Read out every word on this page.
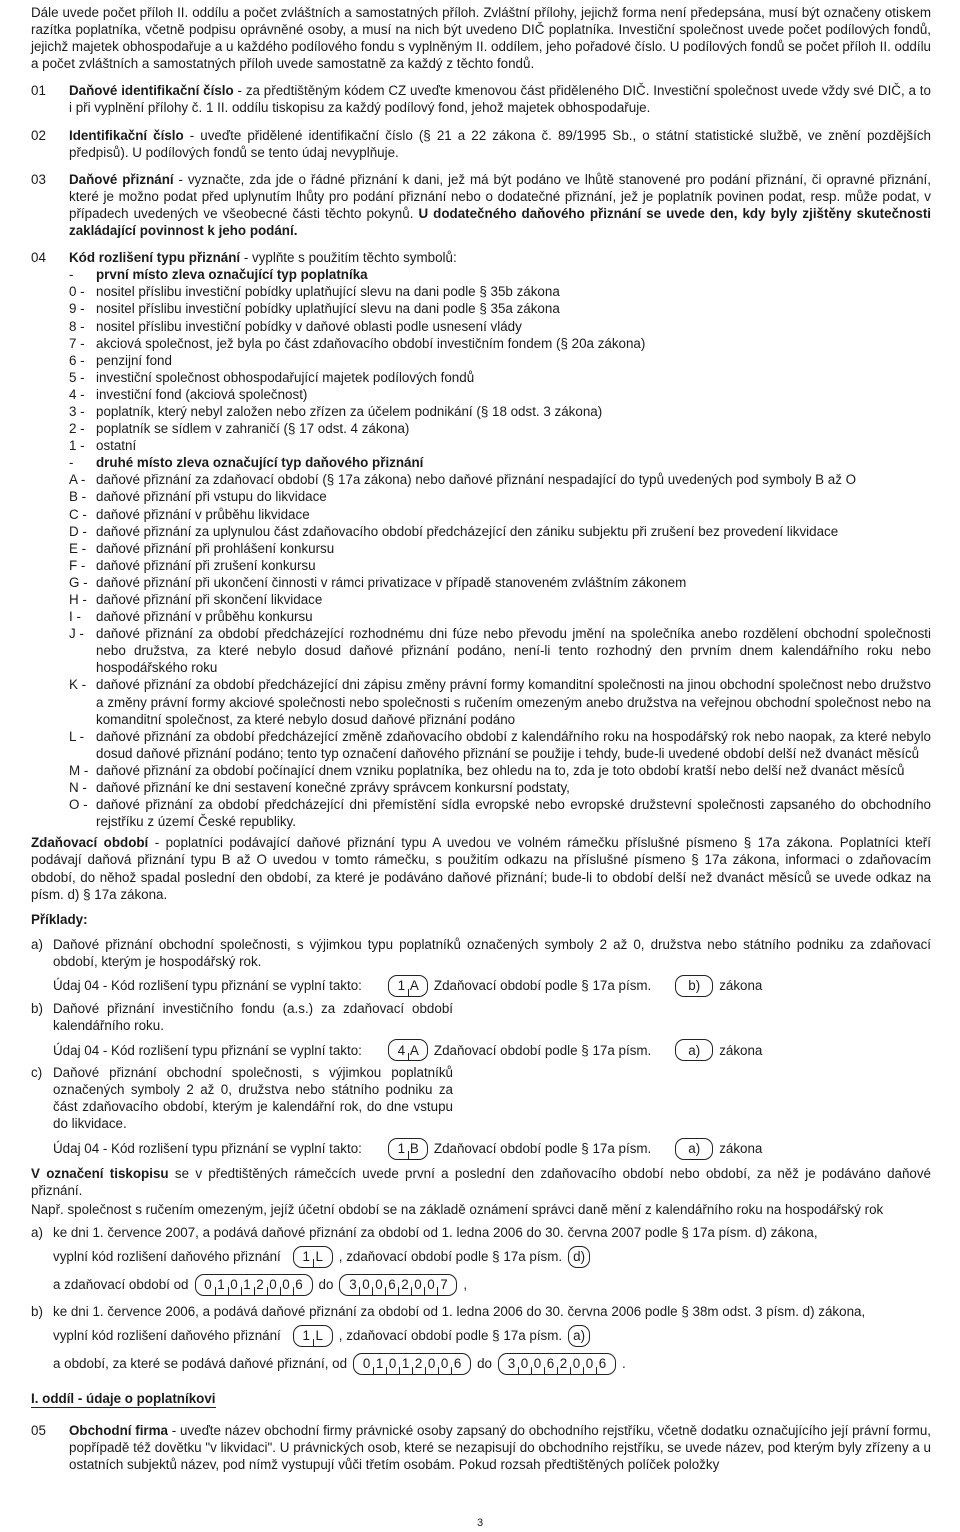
Dále uvede počet příloh II. oddílu a počet zvláštních a samostatných příloh. Zvláštní přílohy, jejichž forma není předepsána, musí být označeny otiskem razítka poplatníka, včetně podpisu oprávněné osoby, a musí na nich být uvedeno DIČ poplatníka. Investiční společnost uvede počet podílových fondů, jejichž majetek obhospodařuje a u každého podílového fondu s vyplněným II. oddílem, jeho pořadové číslo. U podílových fondů se počet příloh II. oddílu a počet zvláštních a samostatných příloh uvede samostatně za každý z těchto fondů.

01 Daňové identifikační číslo - za předtištěným kódem CZ uveďte kmenovou část přiděleného DIČ. Investiční společnost uvede vždy své DIČ, a to i při vyplnění přílohy č. 1 II. oddílu tiskopisu za každý podílový fond, jehož majetek obhospodařuje.

02 Identifikační číslo - uveďte přidělené identifikační číslo (§ 21 a 22 zákona č. 89/1995 Sb., o státní statistické službě, ve znění pozdějších předpisů). U podílových fondů se tento údaj nevyplňuje.

03 Daňové přiznání - vyznačte, zda jde o řádné přiznání k dani, jež má být podáno ve lhůtě stanovené pro podání přiznání, či opravné přiznání, které je možno podat před uplynutím lhůty pro podání přiznání nebo o dodatečné přiznání, jež je poplatník povinen podat, resp. může podat, v případech uvedených ve všeobecné části těchto pokynů. U dodatečného daňového přiznání se uvede den, kdy byly zjištěny skutečnosti zakládající povinnost k jeho podání.

04 Kód rozlišení typu přiznání - vyplňte s použitím těchto symbolů:

-	první místo zleva označující typ poplatníka
0 - nositel příslibu investiční pobídky uplatňující slevu na dani podle § 35b zákona
9 - nositel příslibu investiční pobídky uplatňující slevu na dani podle § 35a zákona
8 - nositel příslibu investiční pobídky v daňové oblasti podle usnesení vlády
7 - akciová společnost, jež byla po část zdaňovacího období investičním fondem (§ 20a zákona)
6 - penzijní fond
5 - investiční společnost obhospodařující majetek podílových fondů
4 - investiční fond (akciová společnost)
3 - poplatník, který nebyl založen nebo zřízen za účelem podnikání (§ 18 odst. 3 zákona)
2 - poplatník se sídlem v zahraničí (§ 17 odst. 4 zákona)
1 - ostatní
-	druhé místo zleva označující typ daňového přiznání
A - daňové přiznání za zdaňovací období (§ 17a zákona) nebo daňové přiznání nespadající do typů uvedených pod symboly B až O
B - daňové přiznání při vstupu do likvidace
C - daňové přiznání v průběhu likvidace
D - daňové přiznání za uplynulou část zdaňovacího období předcházející den zániku subjektu při zrušení bez provedení likvidace
E - daňové přiznání při prohlášení konkursu
F - daňové přiznání při zrušení konkursu
G - daňové přiznání při ukončení činnosti v rámci privatizace v případě stanoveném zvláštním zákonem
H - daňové přiznání při skončení likvidace
I -	daňové přiznání v průběhu konkursu
J - daňové přiznání za období předcházející rozhodnému dni fúze nebo převodu jmění na společníka anebo rozdělení obchodní společnosti nebo družstva, za které nebylo dosud daňové přiznání podáno, není-li tento rozhodný den prvním dnem kalendářního roku nebo hospodářského roku
K - daňové přiznání za období předcházející dni zápisu změny právní formy komanditní společnosti na jinou obchodní společnost nebo družstvo a změny právní formy akciové společnosti nebo společnosti s ručením omezeným anebo družstva na veřejnou obchodní společnost nebo na komanditní společnost, za které nebylo dosud daňové přiznání podáno
L - daňové přiznání za období předcházející změně zdaňovacího období z kalendářního roku na hospodářský rok nebo naopak, za které nebylo dosud daňové přiznání podáno; tento typ označení daňového přiznání se použije i tehdy, bude-li uvedené období delší než dvanáct měsíců
M - daňové přiznání za období počínající dnem vzniku poplatníka, bez ohledu na to, zda je toto období kratší nebo delší než dvanáct měsíců
N - daňové přiznání ke dni sestavení konečné zprávy správcem konkursní podstaty,
O - daňové přiznání za období předcházející dni přemístění sídla evropské nebo evropské družstevní společnosti zapsaného do obchodního rejstříku z území České republiky.

Zdaňovací období - poplatníci podávající daňové přiznání typu A uvedou ve volném rámečku příslušné písmeno § 17a zákona. Poplatníci kteří podávají daňová přiznání typu B až O uvedou v tomto rámečku, s použitím odkazu na příslušné písmeno § 17a zákona, informaci o zdaňovacím období, do něhož spadal poslední den období, za které je podáváno daňové přiznání; bude-li to období delší než dvanáct měsíců se uvede odkaz na písm. d) § 17a zákona.

Příklady:

a) Daňové přiznání obchodní společnosti, s výjimkou typu poplatníků označených symboly 2 až 0, družstva nebo státního podniku za zdaňovací období, kterým je hospodářský rok.

Údaj 04 - Kód rozlišení typu přiznání se vyplní takto:	1 A Zdaňovací období podle § 17a písm.	b)	zákona
b) Daňové přiznání investičního fondu (a.s.) za zdaňovací období kalendářního roku.

Údaj 04 - Kód rozlišení typu přiznání se vyplní takto:	4 A Zdaňovací období podle § 17a písm.	a)	zákona
c) Daňové přiznání obchodní společnosti, s výjimkou poplatníků označených symboly 2 až 0, družstva nebo státního podniku za část zdaňovacího období, kterým je kalendářní rok, do dne vstupu do likvidace.

Údaj 04 - Kód rozlišení typu přiznání se vyplní takto:	1 B Zdaňovací období podle § 17a písm.	a)	zákona

V označení tiskopisu se v předtištěných rámečcích uvede první a poslední den zdaňovacího období nebo období, za něž je podáváno daňové přiznání.

Např. společnost s ručením omezeným, jejíž účetní období se na základě oznámení správci daně mění z kalendářního roku na hospodářský rok

a) ke dni 1. července 2007, a podává daňové přiznání za období od 1. ledna 2006 do 30. června 2007 podle § 17a písm. d) zákona,

vyplní kód rozlišení daňového přiznání 1 L , zdaňovací období podle § 17a písm. d)
a zdaňovací období od 0 1 0 1 2 0 0 6 do 3 0 0 6 2 0 0 7 ,
b) ke dni 1. července 2006, a podává daňové přiznání za období od 1. ledna 2006 do 30. června 2006 podle § 38m odst. 3 písm. d) zákona,

vyplní kód rozlišení daňového přiznání 1 L , zdaňovací období podle § 17a písm. a)
a období, za které se podává daňové přiznání, od 0 1 0 1 2 0 0 6 do 3 0 0 6 2 0 0 6 .
I. oddíl - údaje o poplatníkovi

05 Obchodní firma - uveďte název obchodní firmy právnické osoby zapsaný do obchodního rejstříku, včetně dodatku označujícího její právní formu, popřípadě též dovětku "v likvidaci". U právnických osob, které se nezapisují do obchodního rejstříku, se uvede název, pod kterým byly zřízeny a u ostatních subjektů název, pod nímž vystupují vůči třetím osobám. Pokud rozsah předtištěných políček položky

3
